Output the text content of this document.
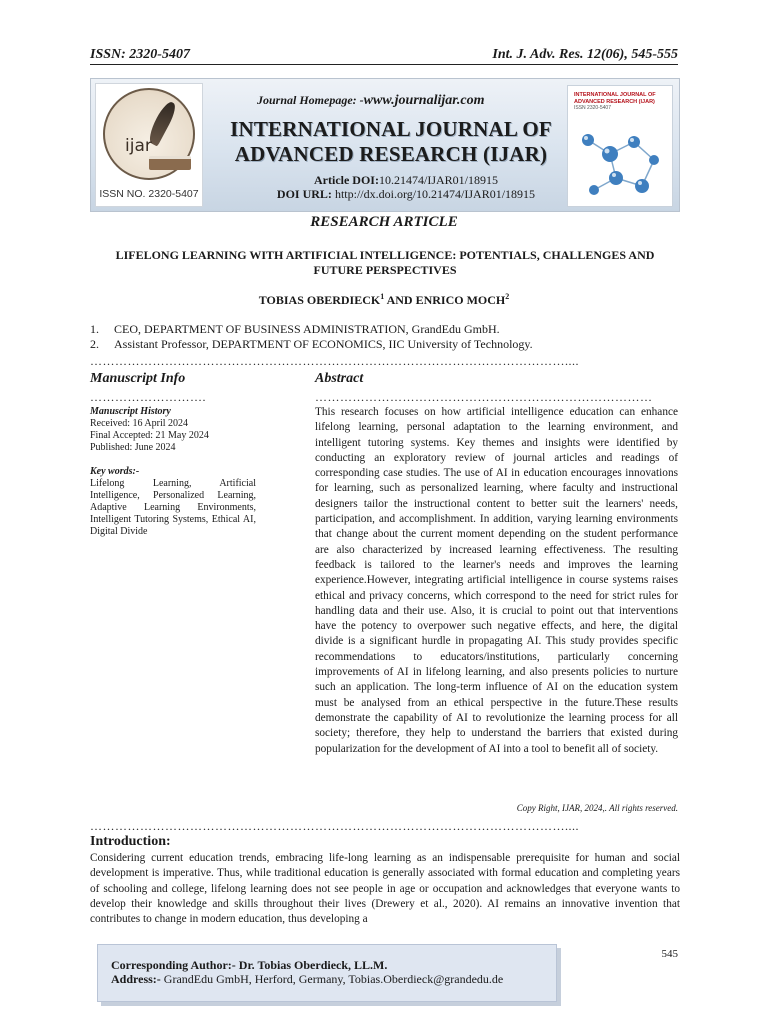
ISSN: 2320-5407	Int. J. Adv. Res. 12(06), 545-555
ijar
ISSN NO. 2320-5407
Journal Homepage: -www.journalijar.com
INTERNATIONAL JOURNAL OF
ADVANCED RESEARCH (IJAR)
Article DOI:10.21474/IJAR01/18915
DOI URL: http://dx.doi.org/10.21474/IJAR01/18915
INTERNATIONAL JOURNAL OF ADVANCED RESEARCH (IJAR)
ISSN 2320-5407
RESEARCH ARTICLE
LIFELONG LEARNING WITH ARTIFICIAL INTELLIGENCE: POTENTIALS, CHALLENGES AND FUTURE PERSPECTIVES
TOBIAS OBERDIECK$^1$ AND ENRICO MOCH$^2$
1.	CEO, DEPARTMENT OF BUSINESS ADMINISTRATION, GrandEdu GmbH.
2.	Assistant Professor, DEPARTMENT OF ECONOMICS, IIC University of Technology.
……………………………………………………………………………………………………....
Manuscript Info
……………………….
Abstract
………………………………………………………………………
Manuscript History
Received: 16 April 2024
Final Accepted: 21 May 2024
Published: June 2024
Key words:-
Lifelong Learning, Artificial Intelligence, Personalized Learning, Adaptive Learning Environments, Intelligent Tutoring Systems, Ethical AI, Digital Divide
This research focuses on how artificial intelligence education can enhance lifelong learning, personal adaptation to the learning environment, and intelligent tutoring systems. Key themes and insights were identified by conducting an exploratory review of journal articles and readings of corresponding case studies. The use of AI in education encourages innovations for learning, such as personalized learning, where faculty and instructional designers tailor the instructional content to better suit the learners' needs, participation, and accomplishment. In addition, varying learning environments that change about the current moment depending on the student performance are also characterized by increased learning effectiveness. The resulting feedback is tailored to the learner's needs and improves the learning experience.However, integrating artificial intelligence in course systems raises ethical and privacy concerns, which correspond to the need for strict rules for handling data and their use. Also, it is crucial to point out that interventions have the potency to overpower such negative effects, and here, the digital divide is a significant hurdle in propagating AI. This study provides specific recommendations to educators/institutions, particularly concerning improvements of AI in lifelong learning, and also presents policies to nurture such an application. The long-term influence of AI on the education system must be analysed from an ethical perspective in the future.These results demonstrate the capability of AI to revolutionize the learning process for all society; therefore, they help to understand the barriers that existed during popularization for the development of AI into a tool to benefit all of society.
Copy Right, IJAR, 2024,. All rights reserved.
……………………………………………………………………………………………………....
Introduction:
Considering current education trends, embracing life-long learning as an indispensable prerequisite for human and social development is imperative. Thus, while traditional education is generally associated with formal education and completing years of schooling and college, lifelong learning does not see people in age or occupation and acknowledges that everyone wants to develop their knowledge and skills throughout their lives (Drewery et al., 2020). AI remains an innovative invention that contributes to change in modern education, thus developing a
545
Corresponding Author:- Dr. Tobias Oberdieck, LL.M.
Address:- GrandEdu GmbH, Herford, Germany, Tobias.Oberdieck@grandedu.de
